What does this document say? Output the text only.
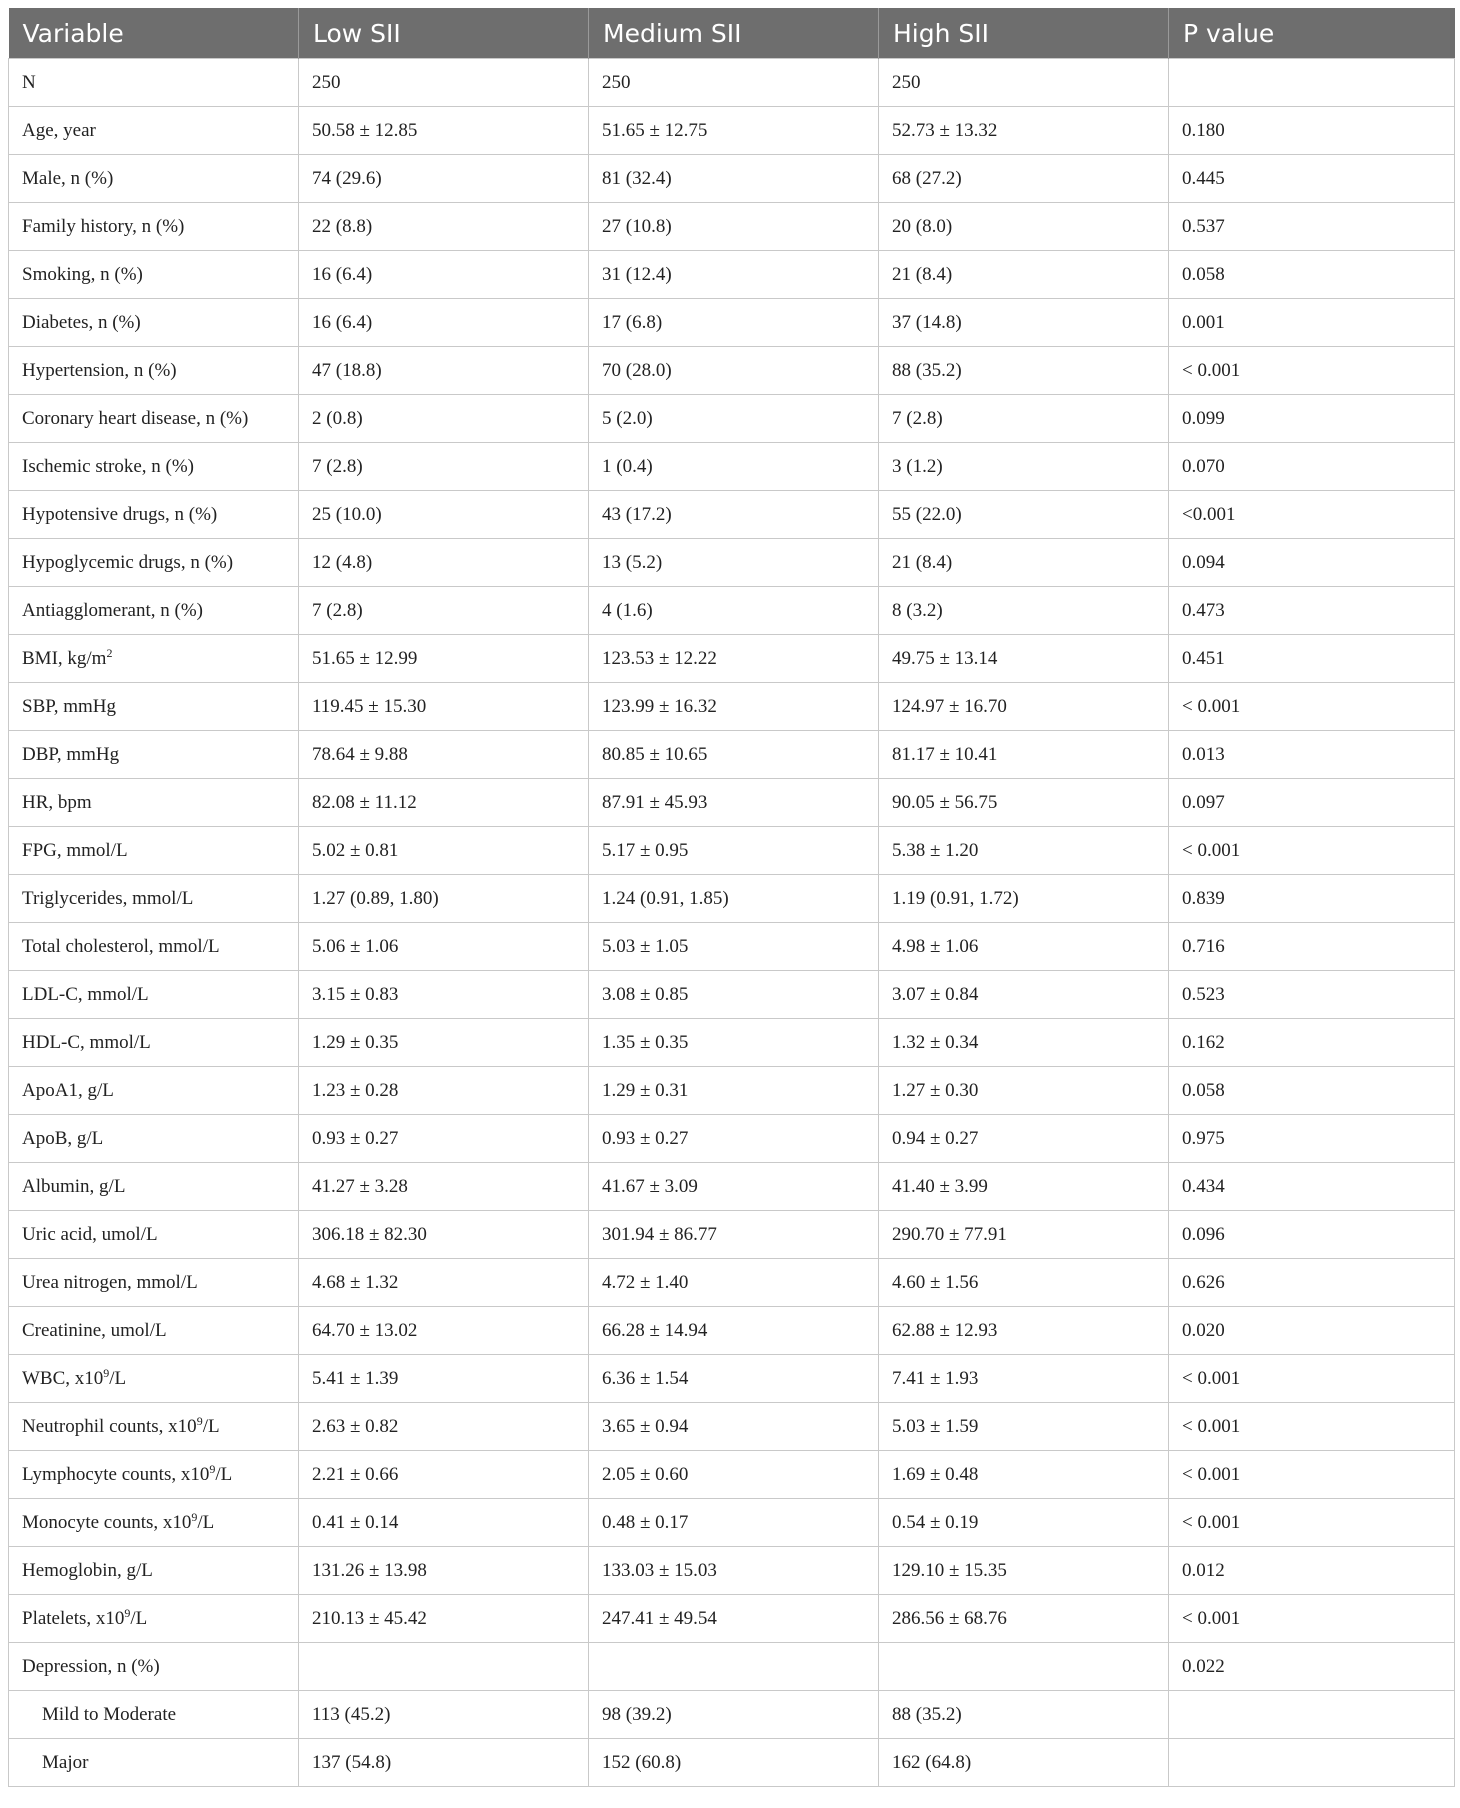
Variable	Low SII	Medium SII	High SII	P value
N	250	250	250	
Age, year	50.58 ± 12.85	51.65 ± 12.75	52.73 ± 13.32	0.180
Male, n (%)	74 (29.6)	81 (32.4)	68 (27.2)	0.445
Family history, n (%)	22 (8.8)	27 (10.8)	20 (8.0)	0.537
Smoking, n (%)	16 (6.4)	31 (12.4)	21 (8.4)	0.058
Diabetes, n (%)	16 (6.4)	17 (6.8)	37 (14.8)	0.001
Hypertension, n (%)	47 (18.8)	70 (28.0)	88 (35.2)	< 0.001
Coronary heart disease, n (%)	2 (0.8)	5 (2.0)	7 (2.8)	0.099
Ischemic stroke, n (%)	7 (2.8)	1 (0.4)	3 (1.2)	0.070
Hypotensive drugs, n (%)	25 (10.0)	43 (17.2)	55 (22.0)	<0.001
Hypoglycemic drugs, n (%)	12 (4.8)	13 (5.2)	21 (8.4)	0.094
Antiagglomerant, n (%)	7 (2.8)	4 (1.6)	8 (3.2)	0.473
BMI, $kg/m^2$	51.65 ± 12.99	123.53 ± 12.22	49.75 ± 13.14	0.451
SBP, mmHg	119.45 ± 15.30	123.99 ± 16.32	124.97 ± 16.70	< 0.001
DBP, mmHg	78.64 ± 9.88	80.85 ± 10.65	81.17 ± 10.41	0.013
HR, bpm	82.08 ± 11.12	87.91 ± 45.93	90.05 ± 56.75	0.097
FPG, mmol/L	5.02 ± 0.81	5.17 ± 0.95	5.38 ± 1.20	< 0.001
Triglycerides, mmol/L	1.27 (0.89, 1.80)	1.24 (0.91, 1.85)	1.19 (0.91, 1.72)	0.839
Total cholesterol, mmol/L	5.06 ± 1.06	5.03 ± 1.05	4.98 ± 1.06	0.716
LDL-C, mmol/L	3.15 ± 0.83	3.08 ± 0.85	3.07 ± 0.84	0.523
HDL-C, mmol/L	1.29 ± 0.35	1.35 ± 0.35	1.32 ± 0.34	0.162
ApoA1, g/L	1.23 ± 0.28	1.29 ± 0.31	1.27 ± 0.30	0.058
ApoB, g/L	0.93 ± 0.27	0.93 ± 0.27	0.94 ± 0.27	0.975
Albumin, g/L	41.27 ± 3.28	41.67 ± 3.09	41.40 ± 3.99	0.434
Uric acid, umol/L	306.18 ± 82.30	301.94 ± 86.77	290.70 ± 77.91	0.096
Urea nitrogen, mmol/L	4.68 ± 1.32	4.72 ± 1.40	4.60 ± 1.56	0.626
Creatinine, umol/L	64.70 ± 13.02	66.28 ± 14.94	62.88 ± 12.93	0.020
WBC, $x10^9/L$	5.41 ± 1.39	6.36 ± 1.54	7.41 ± 1.93	< 0.001
Neutrophil counts, $x10^9/L$	2.63 ± 0.82	3.65 ± 0.94	5.03 ± 1.59	< 0.001
Lymphocyte counts, $x10^9/L$	2.21 ± 0.66	2.05 ± 0.60	1.69 ± 0.48	< 0.001
Monocyte counts, $x10^9/L$	0.41 ± 0.14	0.48 ± 0.17	0.54 ± 0.19	< 0.001
Hemoglobin, g/L	131.26 ± 13.98	133.03 ± 15.03	129.10 ± 15.35	0.012
Platelets, $x10^9/L$	210.13 ± 45.42	247.41 ± 49.54	286.56 ± 68.76	< 0.001
Depression, n (%)				0.022
Mild to Moderate	113 (45.2)	98 (39.2)	88 (35.2)	
Major	137 (54.8)	152 (60.8)	162 (64.8)	
